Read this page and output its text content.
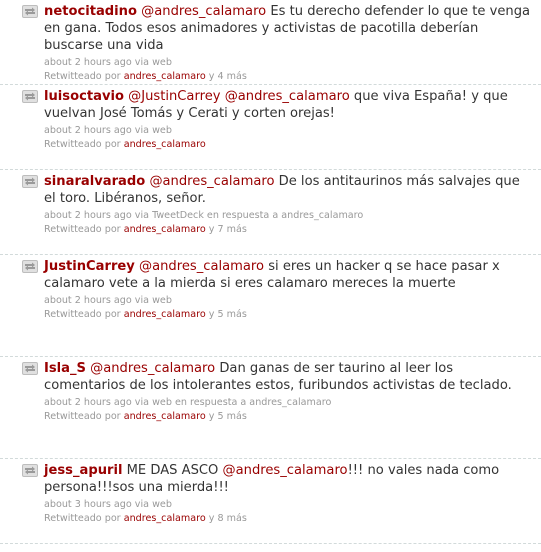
netocitadino @andres_calamaro Es tu derecho defender lo que te venga en gana. Todos esos animadores y activistas de pacotilla deberían buscarse una vida
about 2 hours ago via web
Retwitteado por andres_calamaro y 4 más
luisoctavio @JustinCarrey @andres_calamaro que viva España! y que vuelvan José Tomás y Cerati y corten orejas!
about 2 hours ago via web
Retwitteado por andres_calamaro
sinaralvarado @andres_calamaro De los antitaurinos más salvajes que el toro. Libéranos, señor.
about 2 hours ago via TweetDeck en respuesta a andres_calamaro
Retwitteado por andres_calamaro y 7 más
JustinCarrey @andres_calamaro si eres un hacker q se hace pasar x calamaro vete a la mierda si eres calamaro mereces la muerte
about 2 hours ago via web
Retwitteado por andres_calamaro y 5 más
Isla_S @andres_calamaro Dan ganas de ser taurino al leer los comentarios de los intolerantes estos, furibundos activistas de teclado.
about 2 hours ago via web en respuesta a andres_calamaro
Retwitteado por andres_calamaro y 5 más
jess_apuril ME DAS ASCO @andres_calamaro!!! no vales nada como persona!!!sos una mierda!!!
about 3 hours ago via web
Retwitteado por andres_calamaro y 8 más
